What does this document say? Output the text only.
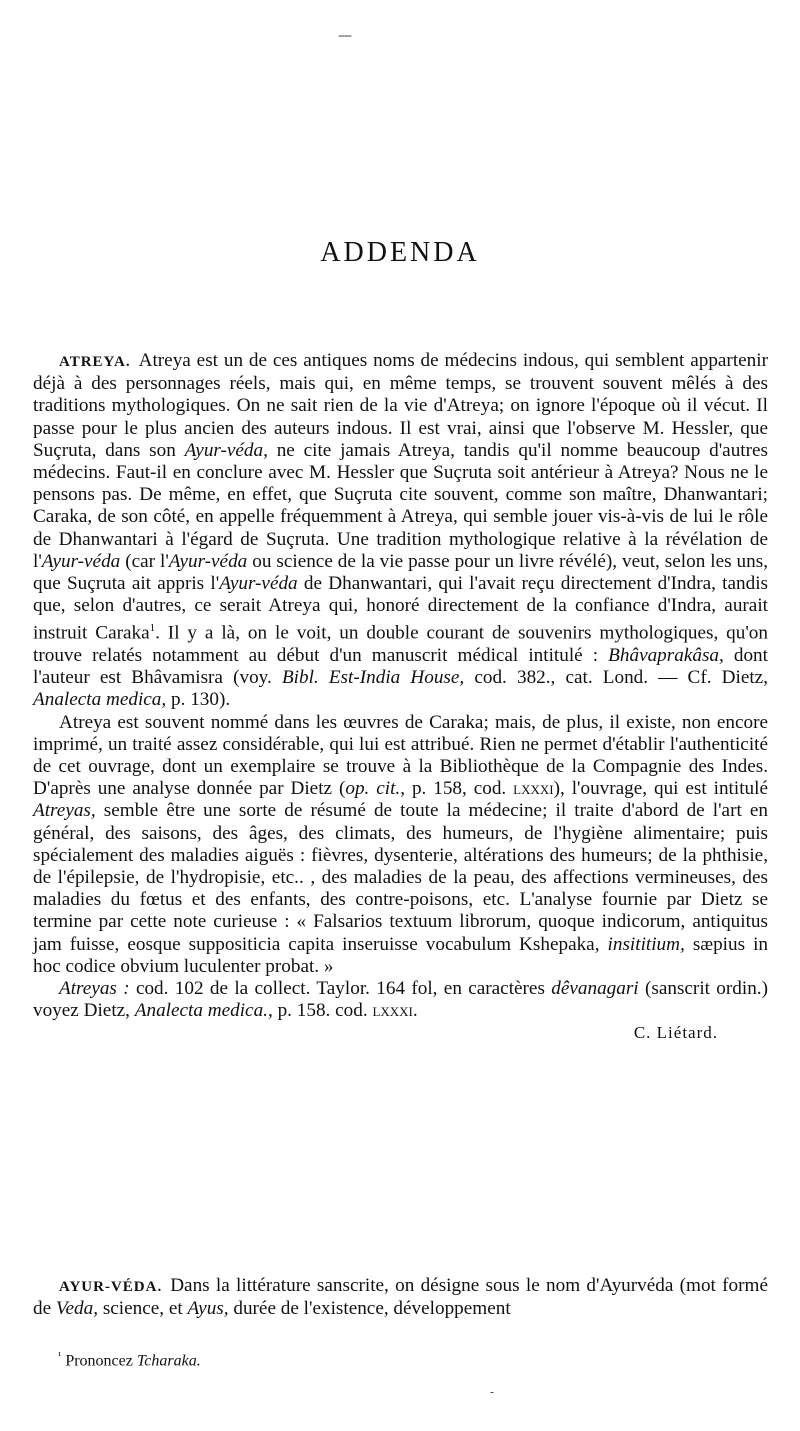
—
ADDENDA

ATREYA. Atreya est un de ces antiques noms de médecins indous, qui semblent appartenir déjà à des personnages réels, mais qui, en même temps, se trouvent souvent mêlés à des traditions mythologiques. On ne sait rien de la vie d'Atreya; on ignore l'époque où il vécut. Il passe pour le plus ancien des auteurs indous. Il est vrai, ainsi que l'observe M. Hessler, que Suçruta, dans son Ayur-véda, ne cite jamais Atreya, tandis qu'il nomme beaucoup d'autres médecins. Faut-il en conclure avec M. Hessler que Suçruta soit antérieur à Atreya? Nous ne le pensons pas. De même, en effet, que Suçruta cite souvent, comme son maître, Dhanwantari; Caraka, de son côté, en appelle fréquemment à Atreya, qui semble jouer vis-à-vis de lui le rôle de Dhanwantari à l'égard de Suçruta. Une tradition mythologique relative à la révélation de l'Ayur-véda (car l'Ayur-véda ou science de la vie passe pour un livre révélé), veut, selon les uns, que Suçruta ait appris l'Ayur-véda de Dhanwantari, qui l'avait reçu directement d'Indra, tandis que, selon d'autres, ce serait Atreya qui, honoré directement de la confiance d'Indra, aurait instruit Caraka$^1$. Il y a là, on le voit, un double courant de souvenirs mythologiques, qu'on trouve relatés notamment au début d'un manuscrit médical intitulé : Bhâvaprakâsa, dont l'auteur est Bhâvamisra (voy. Bibl. Est-India House, cod. 382., cat. Lond. — Cf. Dietz, Analecta medica, p. 130).

Atreya est souvent nommé dans les œuvres de Caraka; mais, de plus, il existe, non encore imprimé, un traité assez considérable, qui lui est attribué. Rien ne permet d'établir l'authenticité de cet ouvrage, dont un exemplaire se trouve à la Bibliothèque de la Compagnie des Indes. D'après une analyse donnée par Dietz (op. cit., p. 158, cod. lxxxi), l'ouvrage, qui est intitulé Atreyas, semble être une sorte de résumé de toute la médecine; il traite d'abord de l'art en général, des saisons, des âges, des climats, des humeurs, de l'hygiène alimentaire; puis spécialement des maladies aiguës : fièvres, dysenterie, altérations des humeurs; de la phthisie, de l'épilepsie, de l'hydropisie, etc.. , des maladies de la peau, des affections vermineuses, des maladies du fœtus et des enfants, des contre-poisons, etc. L'analyse fournie par Dietz se termine par cette note curieuse : « Falsarios textuum librorum, quoque indicorum, antiquitus jam fuisse, eosque suppositicia capita inseruisse vocabulum Kshepaka, insititium, sæpius in hoc codice obvium luculenter probat. »

Atreyas : cod. 102 de la collect. Taylor. 164 fol, en caractères dêvanagari (sanscrit ordin.) voyez Dietz, Analecta medica., p. 158. cod. lxxxi.

C. Liétard.

AYUR-VÉDA. Dans la littérature sanscrite, on désigne sous le nom d'Ayurvéda (mot formé de Veda, science, et Ayus, durée de l'existence, développement

$^{^1}$ Prononcez Tcharaka.
-
